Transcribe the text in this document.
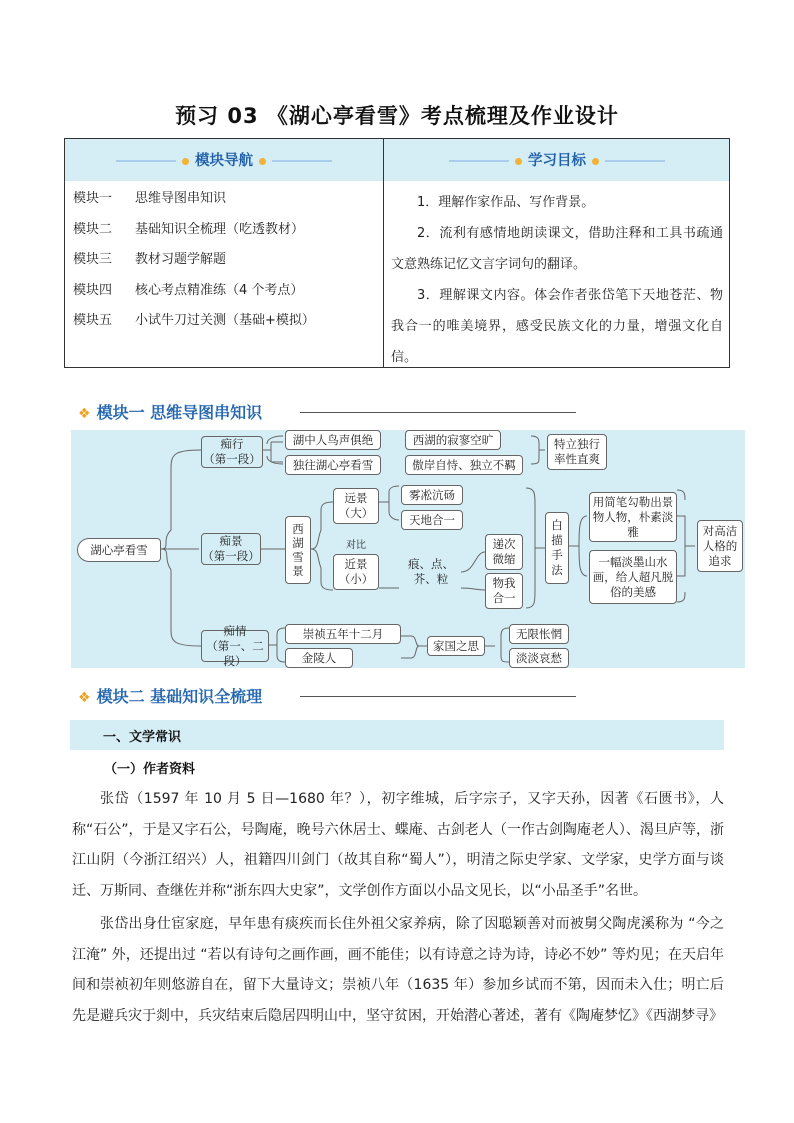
预习 03 《湖心亭看雪》考点梳理及作业设计
模块导航	学习目标
模块一 思维导图串知识
模块二 基础知识全梳理（吃透教材）
模块三 教材习题学解题
模块四 核心考点精准练（4 个考点）
模块五 小试牛刀过关测（基础+模拟）

1．理解作家作品、写作背景。

2．流利有感情地朗读课文，借助注释和工具书疏通文意熟练记忆文言字词句的翻译。

3．理解课文内容。体会作者张岱笔下天地苍茫、物我合一的唯美境界，感受民族文化的力量，增强文化自信。

❖ 模块一 思维导图串知识
湖心亭看雪
痴行
（第一段）
湖中人鸟声俱绝	西湖的寂寥空旷
独往湖心亭看雪	傲岸自恃、独立不羁
特立独行
率性直爽
痴景
（第一段）
西
湖
雪
景
远景
（大）
雾凇沆砀
天地合一
对比
近景
（小）
痕、点、
芥、粒
递次
微缩
物我
合一
白
描
手
法
用简笔勾勒出景物人物，朴素淡雅
一幅淡墨山水画，给人超凡脱俗的美感
对高洁
人格的
追求
痴情
（第一、二段）
崇祯五年十二月
金陵人
家国之思
无限怅惘
淡淡哀愁
❖ 模块二 基础知识全梳理
一、文学常识
（一）作者资料

张岱（1597 年 10 月 5 日—1680 年？），初字维城，后字宗子，又字天孙，因著《石匮书》，人称“石公”，于是又字石公，号陶庵，晚号六休居士、蝶庵、古剑老人（一作古剑陶庵老人）、渴旦庐等，浙江山阴（今浙江绍兴）人，祖籍四川剑门（故其自称“蜀人”），明清之际史学家、文学家，史学方面与谈迁、万斯同、查继佐并称“浙东四大史家”，文学创作方面以小品文见长，以“小品圣手”名世。

张岱出身仕宦家庭，早年患有痰疾而长住外祖父家养病，除了因聪颖善对而被舅父陶虎溪称为 “今之江淹” 外，还提出过 “若以有诗句之画作画，画不能佳；以有诗意之诗为诗，诗必不妙” 等灼见；在天启年间和崇祯初年则悠游自在，留下大量诗文；崇祯八年（1635 年）参加乡试而不第，因而未入仕；明亡后先是避兵灾于剡中，兵灾结束后隐居四明山中，坚守贫困，开始潜心著述，著有《陶庵梦忆》《西湖梦寻》
